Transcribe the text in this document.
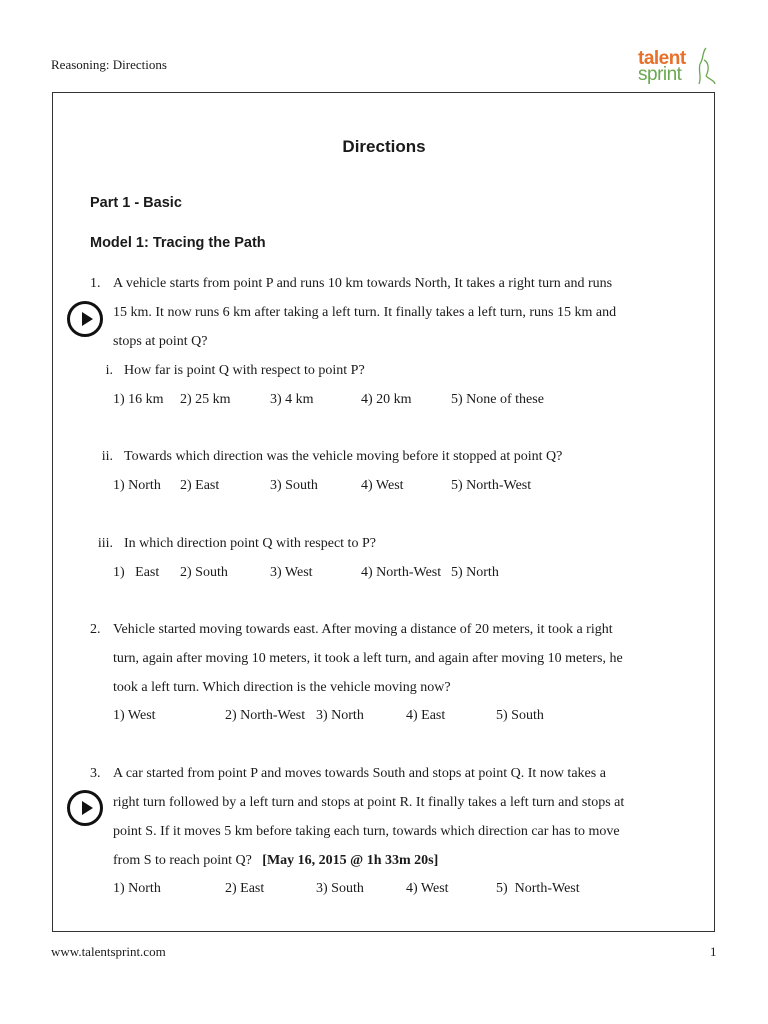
Reasoning: Directions	talent
sprint
Directions
Part 1 - Basic
Model 1: Tracing the Path
1. A vehicle starts from point P and runs 10 km towards North, It takes a right turn and runs
15 km. It now runs 6 km after taking a left turn. It finally takes a left turn, runs 15 km and
stops at point Q?
i. How far is point Q with respect to point P?
1) 16 km 2) 25 km	3) 4 km	4) 20 km	5) None of these
ii. Towards which direction was the vehicle moving before it stopped at point Q?
1) North 2) East	3) South	4) West	5) North-West
iii. In which direction point Q with respect to P?
1)   East 2) South	3) West	4) North-West 5) North
2. Vehicle started moving towards east. After moving a distance of 20 meters, it took a right
turn, again after moving 10 meters, it took a left turn, and again after moving 10 meters, he
took a left turn. Which direction is the vehicle moving now?
1) West	2) North-West 3) North	4) East	5) South
3. A car started from point P and moves towards South and stops at point Q. It now takes a
right turn followed by a left turn and stops at point R. It finally takes a left turn and stops at
point S. If it moves 5 km before taking each turn, towards which direction car has to move
from S to reach point Q? [May 16, 2015 @ 1h 33m 20s]
1) North	2) East	3) South	4) West	5)  North-West
www.talentsprint.com	1
